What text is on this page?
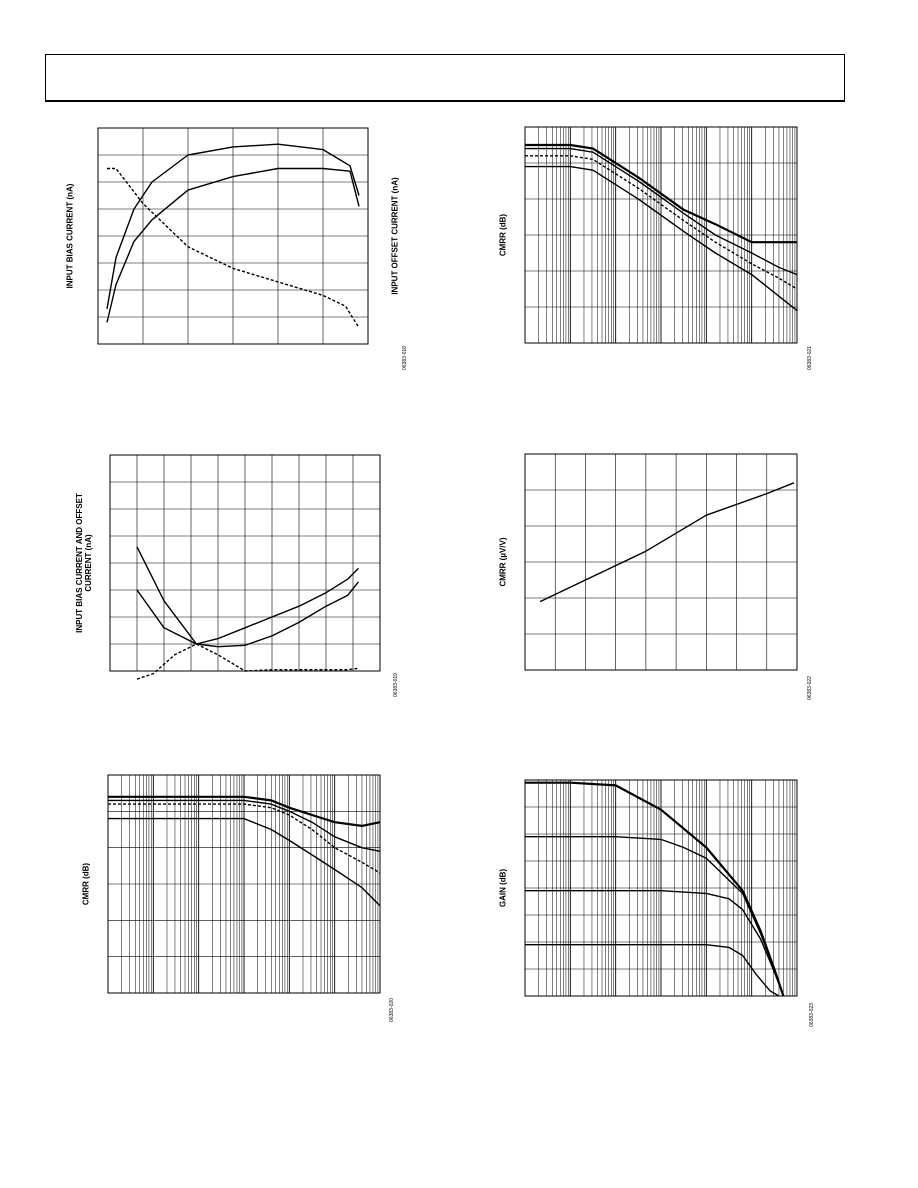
INPUT BIAS CURRENT (nA)	INPUT OFFSET CURRENT (nA)
06383-018
INPUT BIAS CURRENT AND OFFSET CURRENT (nA)
06383-019
CMRR (dB)
06383-020
CMRR (dB)
06383-021
CMRR (µV/V)
06383-022
GAIN (dB)
06383-023
